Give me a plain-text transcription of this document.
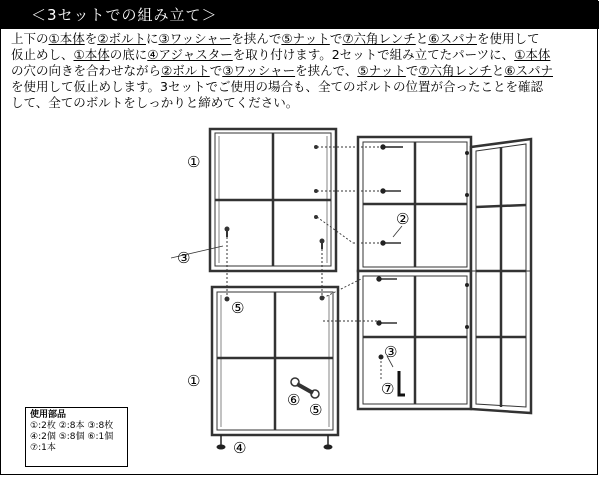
＜3セットでの組み立て＞

上下の①本体を②ボルトに③ワッシャーを挟んで⑤ナットで⑦六角レンチと⑥スパナを使用して

仮止めし、①本体の底に④アジャスターを取り付けます。2セットで組み立てたパーツに、①本体

の穴の向きを合わせながら②ボルトで③ワッシャーを挟んで、⑤ナットで⑦六角レンチと⑥スパナ

を使用して仮止めします。3セットでご使用の場合も、全てのボルトの位置が合ったことを確認

して、全てのボルトをしっかりと締めてください。

①
①
②
③
③
④
⑤
⑤
⑥
⑦
使用部品
①:2枚 ②:8本 ③:8枚
④:2個 ⑤:8個 ⑥:1個
⑦:1本
